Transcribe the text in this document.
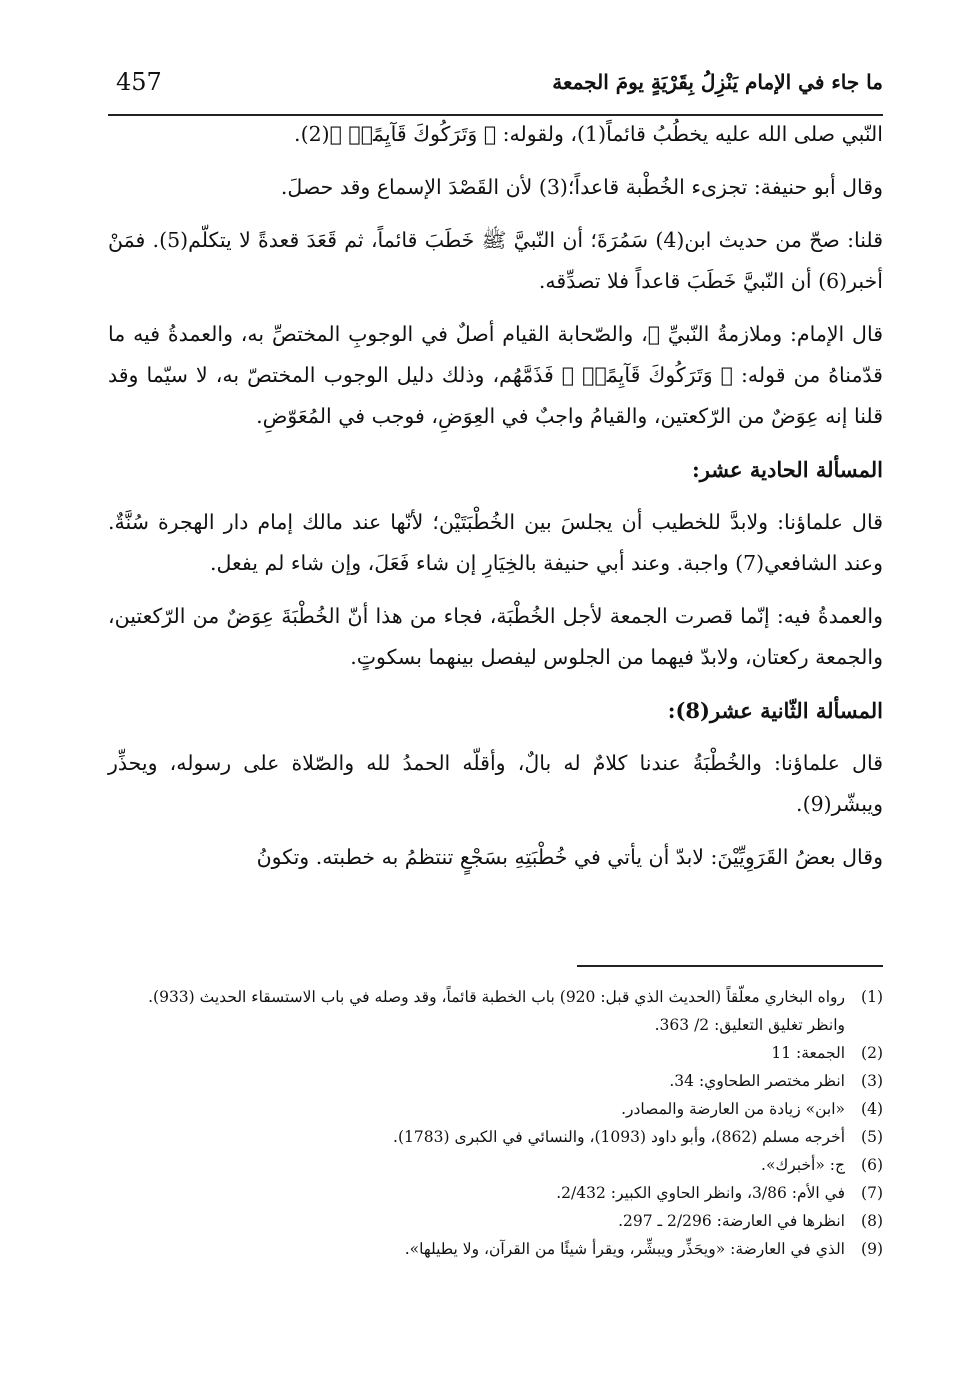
457	ما جاء في الإمام يَنْزِلُ بِقَرْيَةٍ يومَ الجمعة

النّبي صلى الله عليه يخطُبُ قائماً(1)، ولقوله: ﴿ وَتَرَكُوكَ قَآيِمًاۚ ﴾(2).

وقال أبو حنيفة: تجزىء الخُطْبة قاعداً؛(3) لأن القَصْدَ الإسماع وقد حصلَ.

قلنا: صحّ من حديث ابن(4) سَمُرَةَ؛ أن النّبيَّ ﷺ خَطَبَ قائماً، ثم قَعَدَ قعدةً لا يتكلّم(5). فمَنْ أخبر(6) أن النّبيَّ خَطَبَ قاعداً فلا تصدِّقه.

قال الإمام: وملازمةُ النّبيِّ ﷺ، والصّحابة القيام أصلٌ في الوجوبِ المختصِّ به، والعمدةُ فيه ما قدّمناهُ من قوله: ﴿ وَتَرَكُوكَ قَآيِمًاۚ ﴾ فَذَمَّهُم، وذلك دليل الوجوب المختصّ به، لا سيّما وقد قلنا إنه عِوَضٌ من الرّكعتين، والقيامُ واجبٌ في العِوَضِ، فوجب في المُعَوّضِ.

المسألة الحادية عشر:

قال علماؤنا: ولابدَّ للخطيب أن يجلسَ بين الخُطْبَتَيْن؛ لأنّها عند مالك إمام دار الهجرة سُنَّةٌ. وعند الشافعي(7) واجبة. وعند أبي حنيفة بالخِيَارِ إن شاء فَعَلَ، وإن شاء لم يفعل.

والعمدةُ فيه: إنّما قصرت الجمعة لأجل الخُطْبَة، فجاء من هذا أنّ الخُطْبَةَ عِوَضٌ من الرّكعتين، والجمعة ركعتان، ولابدّ فيهما من الجلوس ليفصل بينهما بسكوتٍ.

المسألة الثّانية عشر(8):

قال علماؤنا: والخُطْبَةُ عندنا كلامٌ له بالٌ، وأقلّه الحمدُ لله والصّلاة على رسوله، ويحذِّر ويبشّر(9).

وقال بعضُ القَرَوِيِّيْنَ: لابدّ أن يأتي في خُطْبَتِهِ بسَجْعٍ تنتظمُ به خطبته. وتكونُ

(1)
رواه البخاري معلّقاً (الحديث الذي قبل: 920) باب الخطبة قائماً، وقد وصله في باب الاستسقاء الحديث (933). وانظر تغليق التعليق: 2/ 363.
(2)
الجمعة: 11
(3)
انظر مختصر الطحاوي: 34.
(4)
«ابن» زيادة من العارضة والمصادر.
(5)
أخرجه مسلم (862)، وأبو داود (1093)، والنسائي في الكبرى (1783).
(6)
ج: «أخبرك».
(7)
في الأم: 3/86، وانظر الحاوي الكبير: 2/432.
(8)
انظرها في العارضة: 2/296 ـ 297.
(9)
الذي في العارضة: «ويحَذِّر ويبشِّر، ويقرأ شيئًا من القرآن، ولا يطيلها».
